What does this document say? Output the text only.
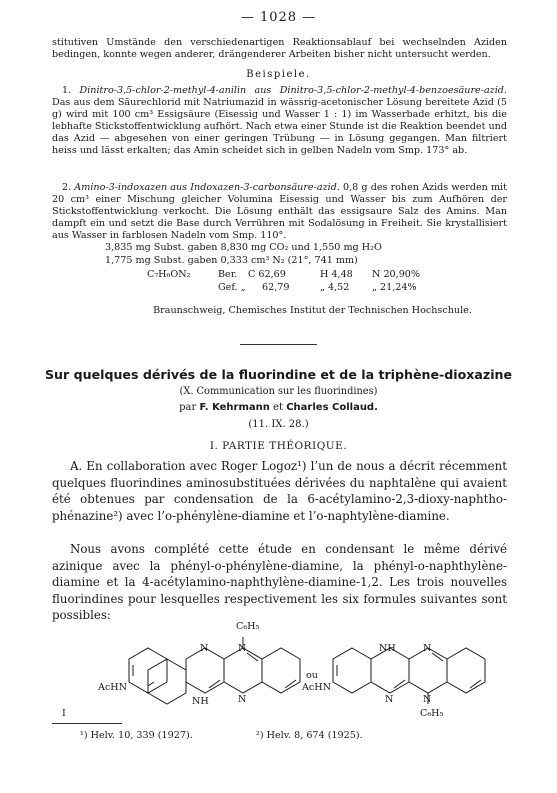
— 1028 —

stitutiven Umstände den verschiedenartigen Reaktionsablauf bei wechselnden Aziden bedingen, konnte wegen anderer, drängenderer Arbeiten bisher nicht untersucht werden.

Beispiele.

1. Dinitro-3,5-chlor-2-methyl-4-anilin aus Dinitro-3,5-chlor-2-methyl-4-benzoesäure-azid. Das aus dem Säurechlorid mit Natriumazid in wässrig-acetonischer Lösung bereitete Azid (5 g) wird mit 100 cm³ Essigsäure (Eisessig und Wasser 1 : 1) im Wasserbade erhitzt, bis die lebhafte Stickstoffentwicklung aufhört. Nach etwa einer Stunde ist die Reaktion beendet und das Azid — abgesehen von einer geringen Trübung — in Lösung gegangen. Man filtriert heiss und lässt erkalten; das Amin scheidet sich in gelben Nadeln vom Smp. 173° ab.

2. Amino-3-indoxazen aus Indoxazen-3-carbonsäure-azid. 0,8 g des rohen Azids werden mit 20 cm³ einer Mischung gleicher Volumina Eisessig und Wasser bis zum Aufhören der Stickstoffentwicklung verkocht. Die Lösung enthält das essigsaure Salz des Amins. Man dampft ein und setzt die Base durch Verrühren mit Sodalösung in Freiheit. Sie krystallisiert aus Wasser in farblosen Nadeln vom Smp. 110°.

3,835 mg Subst. gaben 8,830 mg CO₂ und 1,550 mg H₂O
1,775 mg Subst. gaben 0,333 cm³ N₂ (21°, 741 mm)
C₇H₆ON₂	Ber. C 62,69	H 4,48 N 20,90%
Gef. „ 62,79	„ 4,52 „ 21,24%
Braunschweig, Chemisches Institut der Technischen Hochschule.
Sur quelques dérivés de la fluorindine et de la triphène-dioxazine
(X. Communication sur les fluorindines)
par F. Kehrmann et Charles Collaud.
(11. IX. 28.)
I. PARTIE THÉORIQUE.

A. En collaboration avec Roger Logoz¹) l’un de nous a décrit récemment quelques fluorindines aminosubstituées dérivées du naphtalène qui avaient été obtenues par condensation de la 6-acétylamino-2,3-dioxy-naphtho-phénazine²) avec l’o-phénylène-diamine et l’o-naphtylène-diamine.

Nous avons complété cette étude en condensant le même dérivé azinique avec la phényl-o-phénylène-diamine, la phényl-o-naphthylène-diamine et la 4-acétylamino-naphthylène-diamine-1,2. Les trois nouvelles fluorindines pour lesquelles respectivement les six formules suivantes sont possibles:

C₆H₅
N	N
NH	N
AcHN
I
ou
NH	N
N	N
AcHN
C₆H₅
¹) Helv. 10, 339 (1927).	²) Helv. 8, 674 (1925).
